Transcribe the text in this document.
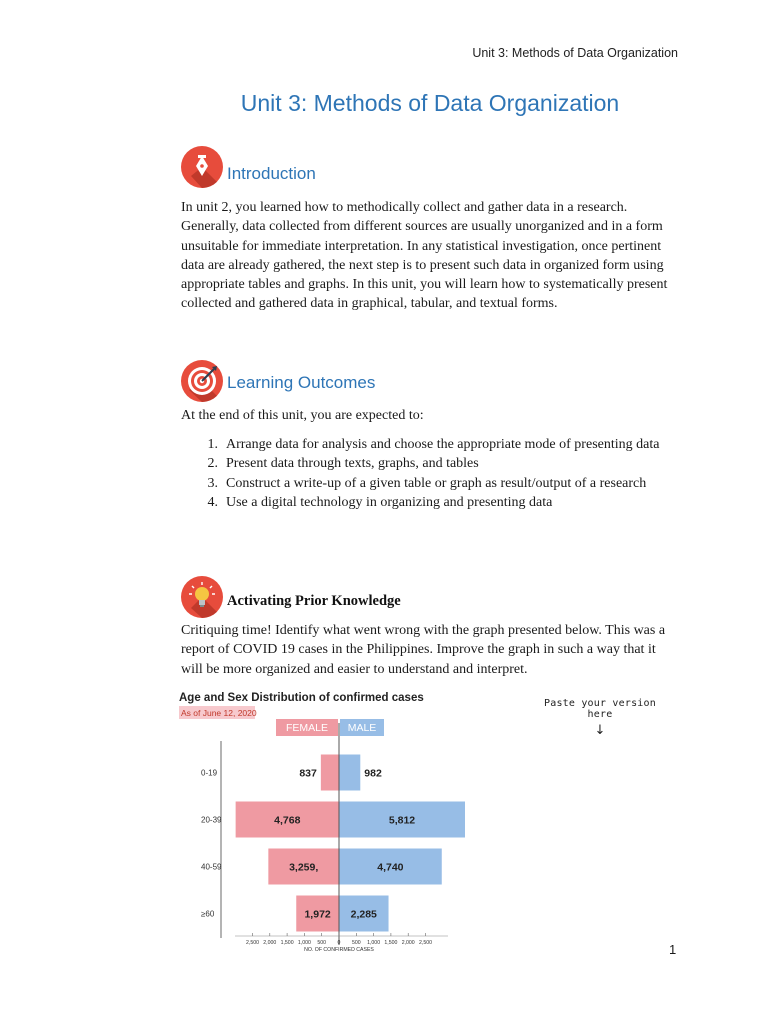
Unit 3: Methods of Data Organization
Unit 3: Methods of Data Organization
Introduction

In unit 2, you learned how to methodically collect and gather data in a research. Generally, data collected from different sources are usually unorganized and in a form unsuitable for immediate interpretation. In any statistical investigation, once pertinent data are already gathered, the next step is to present such data in organized form using appropriate tables and graphs. In this unit, you will learn how to systematically present collected and gathered data in graphical, tabular, and textual forms.

Learning Outcomes

At the end of this unit, you are expected to:

1. Arrange data for analysis and choose the appropriate mode of presenting data
2. Present data through texts, graphs, and tables
3. Construct a write-up of a given table or graph as result/output of a research
4. Use a digital technology in organizing and presenting data
Activating Prior Knowledge

Critiquing time! Identify what went wrong with the graph presented below. This was a report of COVID 19 cases in the Philippines. Improve the graph in such a way that it will be more organized and easier to understand and interpret.

Age and Sex Distribution of confirmed cases
As of June 12, 2020
FEMALE MALE
837	982
0-19
4,768	5,812
20-39
3,259,	4,740
40-59
1,972 2,285
≥60
2,500 2,000 1,500 1,000 500 0 500 1,000 1,500 2,000 2,500
NO. OF CONFIRMED CASES
Paste your version here
↓
1
